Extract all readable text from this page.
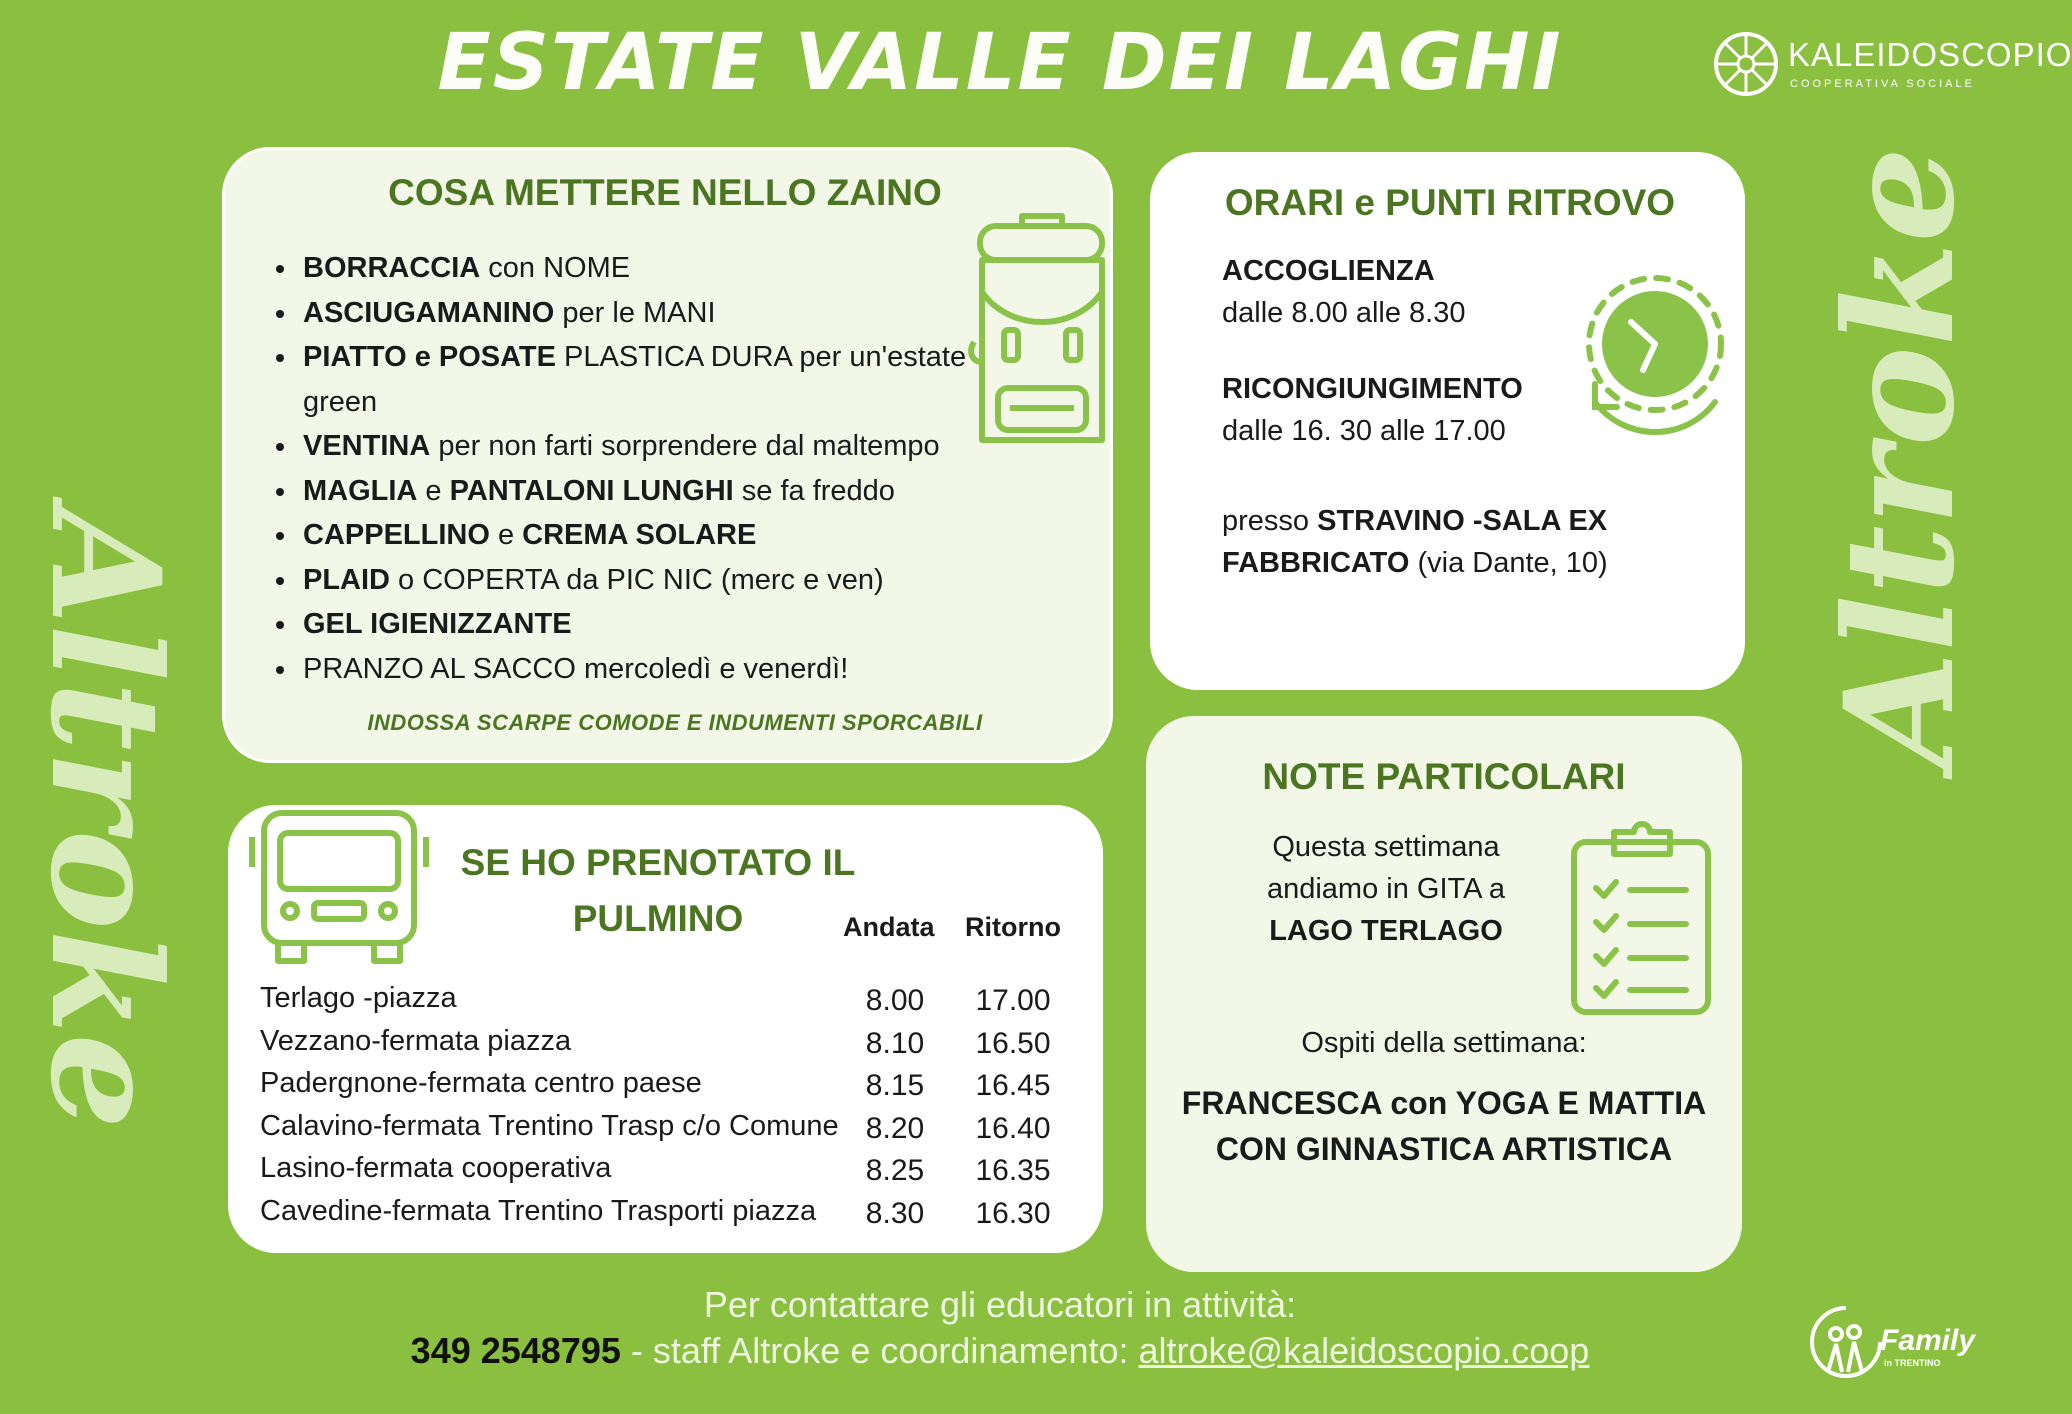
ESTATE VALLE DEI LAGHI
Altroke
Altroke
KALEIDOSCOPIO
COOPERATIVA SOCIALE
COSA METTERE NELLO ZAINO
• BORRACCIA con NOME
• ASCIUGAMANINO per le MANI
• PIATTO e POSATE PLASTICA DURA per un'estate green
• VENTINA per non farti sorprendere dal maltempo
• MAGLIA e PANTALONI LUNGHI se fa freddo
• CAPPELLINO e CREMA SOLARE
• PLAID o COPERTA da PIC NIC (merc e ven)
• GEL IGIENIZZANTE
• PRANZO AL SACCO mercoledì e venerdì!
INDOSSA SCARPE COMODE E INDUMENTI SPORCABILI
ORARI e PUNTI RITROVO
ACCOGLIENZA
dalle 8.00 alle 8.30
RICONGIUNGIMENTO
dalle 16. 30 alle 17.00
presso STRAVINO -SALA EX FABBRICATO (via Dante, 10)
SE HO PRENOTATO IL
PULMINO	Andata Ritorno
Terlago -piazza
Vezzano-fermata piazza
Padergnone-fermata centro paese
Calavino-fermata Trentino Trasp c/o Comune
Lasino-fermata cooperativa
Cavedine-fermata Trentino Trasporti piazza
8.00
8.10
8.15
8.20
8.25
8.30
17.00
16.50
16.45
16.40
16.35
16.30
NOTE PARTICOLARI
Questa settimana
andiamo in GITA a
LAGO TERLAGO
Ospiti della settimana:
FRANCESCA con YOGA E MATTIA
CON GINNASTICA ARTISTICA
Per contattare gli educatori in attività:
349 2548795 - staff Altroke e coordinamento: altroke@kaleidoscopio.coop	Family
in TRENTINO
